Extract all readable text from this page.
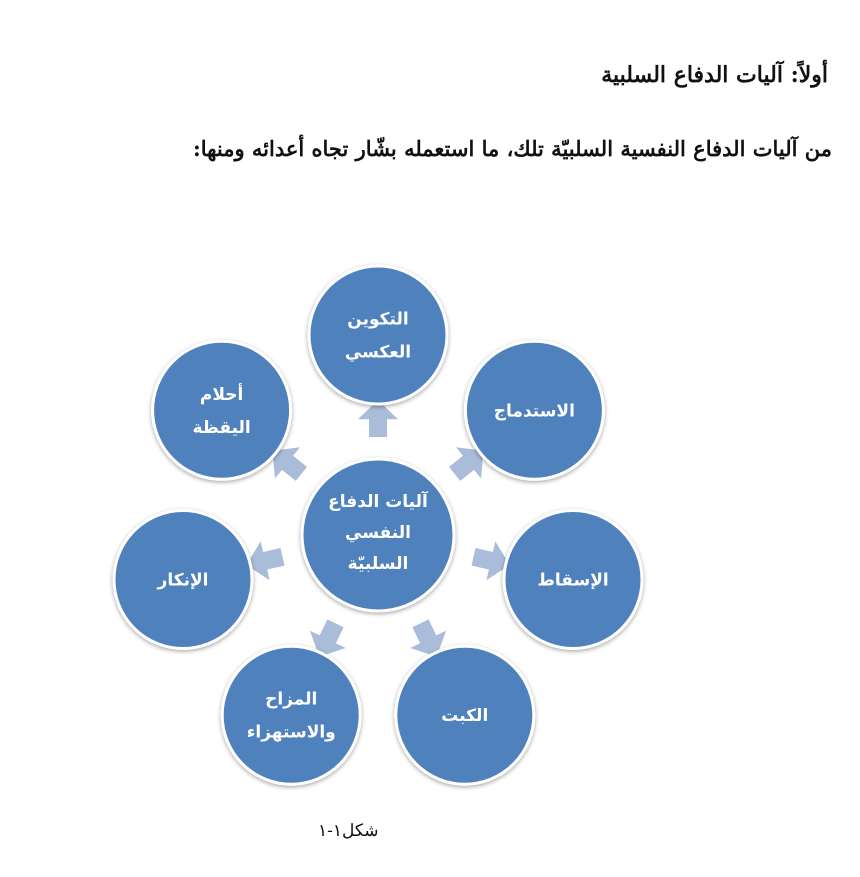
أولاً: آليات الدفاع السلبية

من آليات الدفاع النفسية السلبيّة تلك، ما استعمله بشّار تجاه أعدائه ومنها:

آليات الدفاع النفسي السلبيّة
التكوين العكسي
الاستدماج
الإسقاط
الكبت
المزاح والاستهزاء
الإنكار
أحلام اليقظة

شكل١-١
